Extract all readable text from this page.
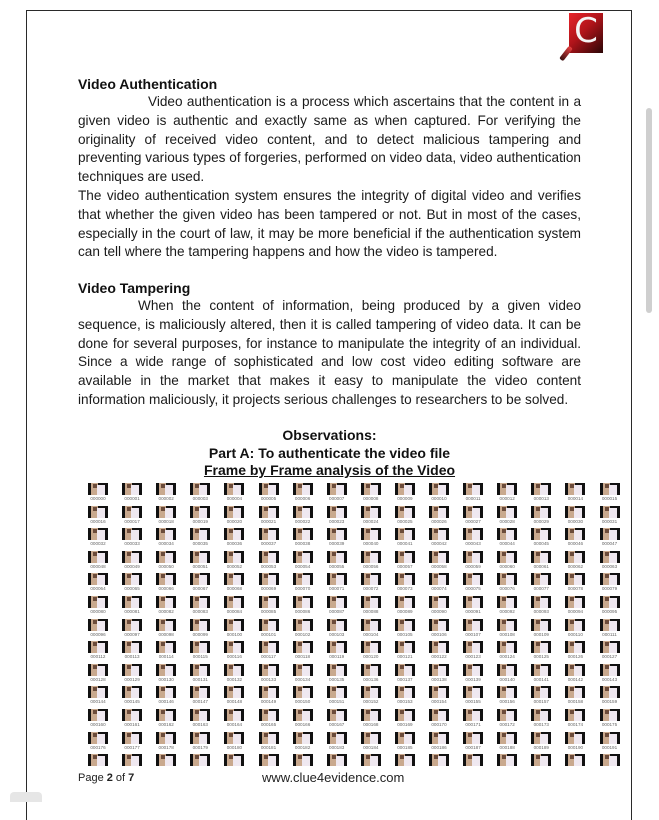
C
Video Authentication

Video authentication is a process which ascertains that the content in a given video is authentic and exactly same as when captured. For verifying the originality of received video content, and to detect malicious tampering and preventing various types of forgeries, performed on video data, video authentication techniques are used.

The video authentication system ensures the integrity of digital video and verifies that whether the given video has been tampered or not. But in most of the cases, especially in the court of law, it may be more beneficial if the authentication system can tell where the tampering happens and how the video is tampered.

Video Tampering

When the content of information, being produced by a given video sequence, is maliciously altered, then it is called tampering of video data. It can be done for several purposes, for instance to manipulate the integrity of an individual. Since a wide range of sophisticated and low cost video editing software are available in the market that makes it easy to manipulate the video content information maliciously, it projects serious challenges to researchers to be solved.

Observations:
Part A: To authenticate the video file
Frame by Frame analysis of the Video
000000	000001	000002	000003	000004	000005	000006	000007	000008	000009	000010	000011	000012	000013	000014	000015
000016	000017	000018	000019	000020	000021	000022	000023	000024	000025	000026	000027	000028	000029	000030	000031
000032	000033	000034	000035	000036	000037	000038	000039	000040	000041	000042	000043	000044	000045	000046	000047
000048	000049	000050	000051	000052	000053	000054	000055	000056	000057	000058	000059	000060	000061	000062	000063
000064	000065	000066	000067	000068	000069	000070	000071	000072	000073	000074	000075	000076	000077	000078	000079
000080	000081	000082	000083	000084	000085	000086	000087	000088	000089	000090	000091	000092	000093	000094	000095
000096	000097	000098	000099	000100	000101	000102	000103	000104	000105	000106	000107	000108	000109	000110	000111
000112	000113	000114	000115	000116	000117	000118	000119	000120	000121	000122	000123	000124	000125	000126	000127
000128	000129	000130	000131	000132	000133	000134	000135	000136	000137	000138	000139	000140	000141	000142	000143
000144	000145	000146	000147	000148	000149	000150	000151	000152	000153	000154	000155	000156	000157	000158	000159
000160	000161	000162	000163	000164	000165	000166	000167	000168	000169	000170	000171	000172	000173	000174	000175
000176	000177	000178	000179	000180	000181	000182	000183	000184	000185	000186	000187	000188	000189	000190	000191
Page 2 of 7	www.clue4evidence.com
